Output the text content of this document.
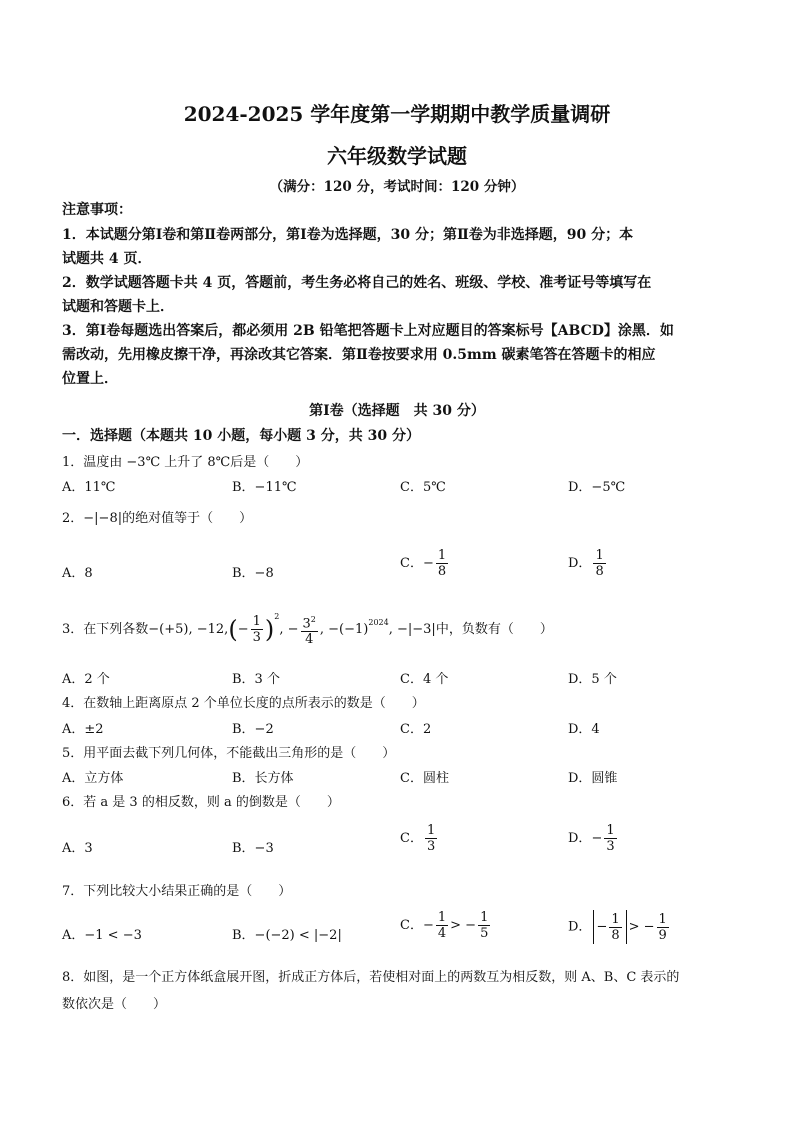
2024-2025 学年度第一学期期中教学质量调研
六年级数学试题
（满分：120 分，考试时间：120 分钟）
注意事项：
1．本试题分第Ⅰ卷和第Ⅱ卷两部分，第Ⅰ卷为选择题，30 分；第Ⅱ卷为非选择题，90 分；本
试题共 4 页．
2．数学试题答题卡共 4 页，答题前，考生务必将自己的姓名、班级、学校、准考证号等填写在
试题和答题卡上．
3．第Ⅰ卷每题选出答案后，都必须用 2B 铅笔把答题卡上对应题目的答案标号【ABCD】涂黑．如
需改动，先用橡皮擦干净，再涂改其它答案．第Ⅱ卷按要求用 0.5mm 碳素笔答在答题卡的相应
位置上．
第Ⅰ卷（选择题　共 30 分）
一．选择题（本题共 10 小题，每小题 3 分，共 30 分）
1．温度由 −3℃ 上升了 8℃后是（　　）
A．11℃	B．−11℃	C．5℃	D．−5℃
2．−|−8|的绝对值等于（　　）
A．8	B．−8
C．− $\frac{1}{8}$	D． $\frac{1}{8}$
3．在下列各数−(+5), $-12,(- \frac{1}{3} )^2$, − $\frac{3^2}{4}$ , $-(-1)^{2024}$, −|−3|中，负数有（　　）
A．2 个	B．3 个	C．4 个	D．5 个
4．在数轴上距离原点 2 个单位长度的点所表示的数是（　　）
A．±2	B．−2	C．2	D．4
5．用平面去截下列几何体，不能截出三角形的是（　　）
A．立方体	B．长方体	C．圆柱	D．圆锥
6．若 a 是 3 的相反数，则 a 的倒数是（　　）
A．3	B．−3
C． $\frac{1}{3}$	D．− $\frac{1}{3}$
7．下列比较大小结果正确的是（　　）
A．−1 < −3	B．−(−2) < |−2|
C．− $\frac{1}{4}$ > − $\frac{1}{5}$	D． − $\frac{1}{8}$ > − $\frac{1}{9}$
8．如图，是一个正方体纸盒展开图，折成正方体后，若使相对面上的两数互为相反数，则 A、B、C 表示的
数依次是（　　）
